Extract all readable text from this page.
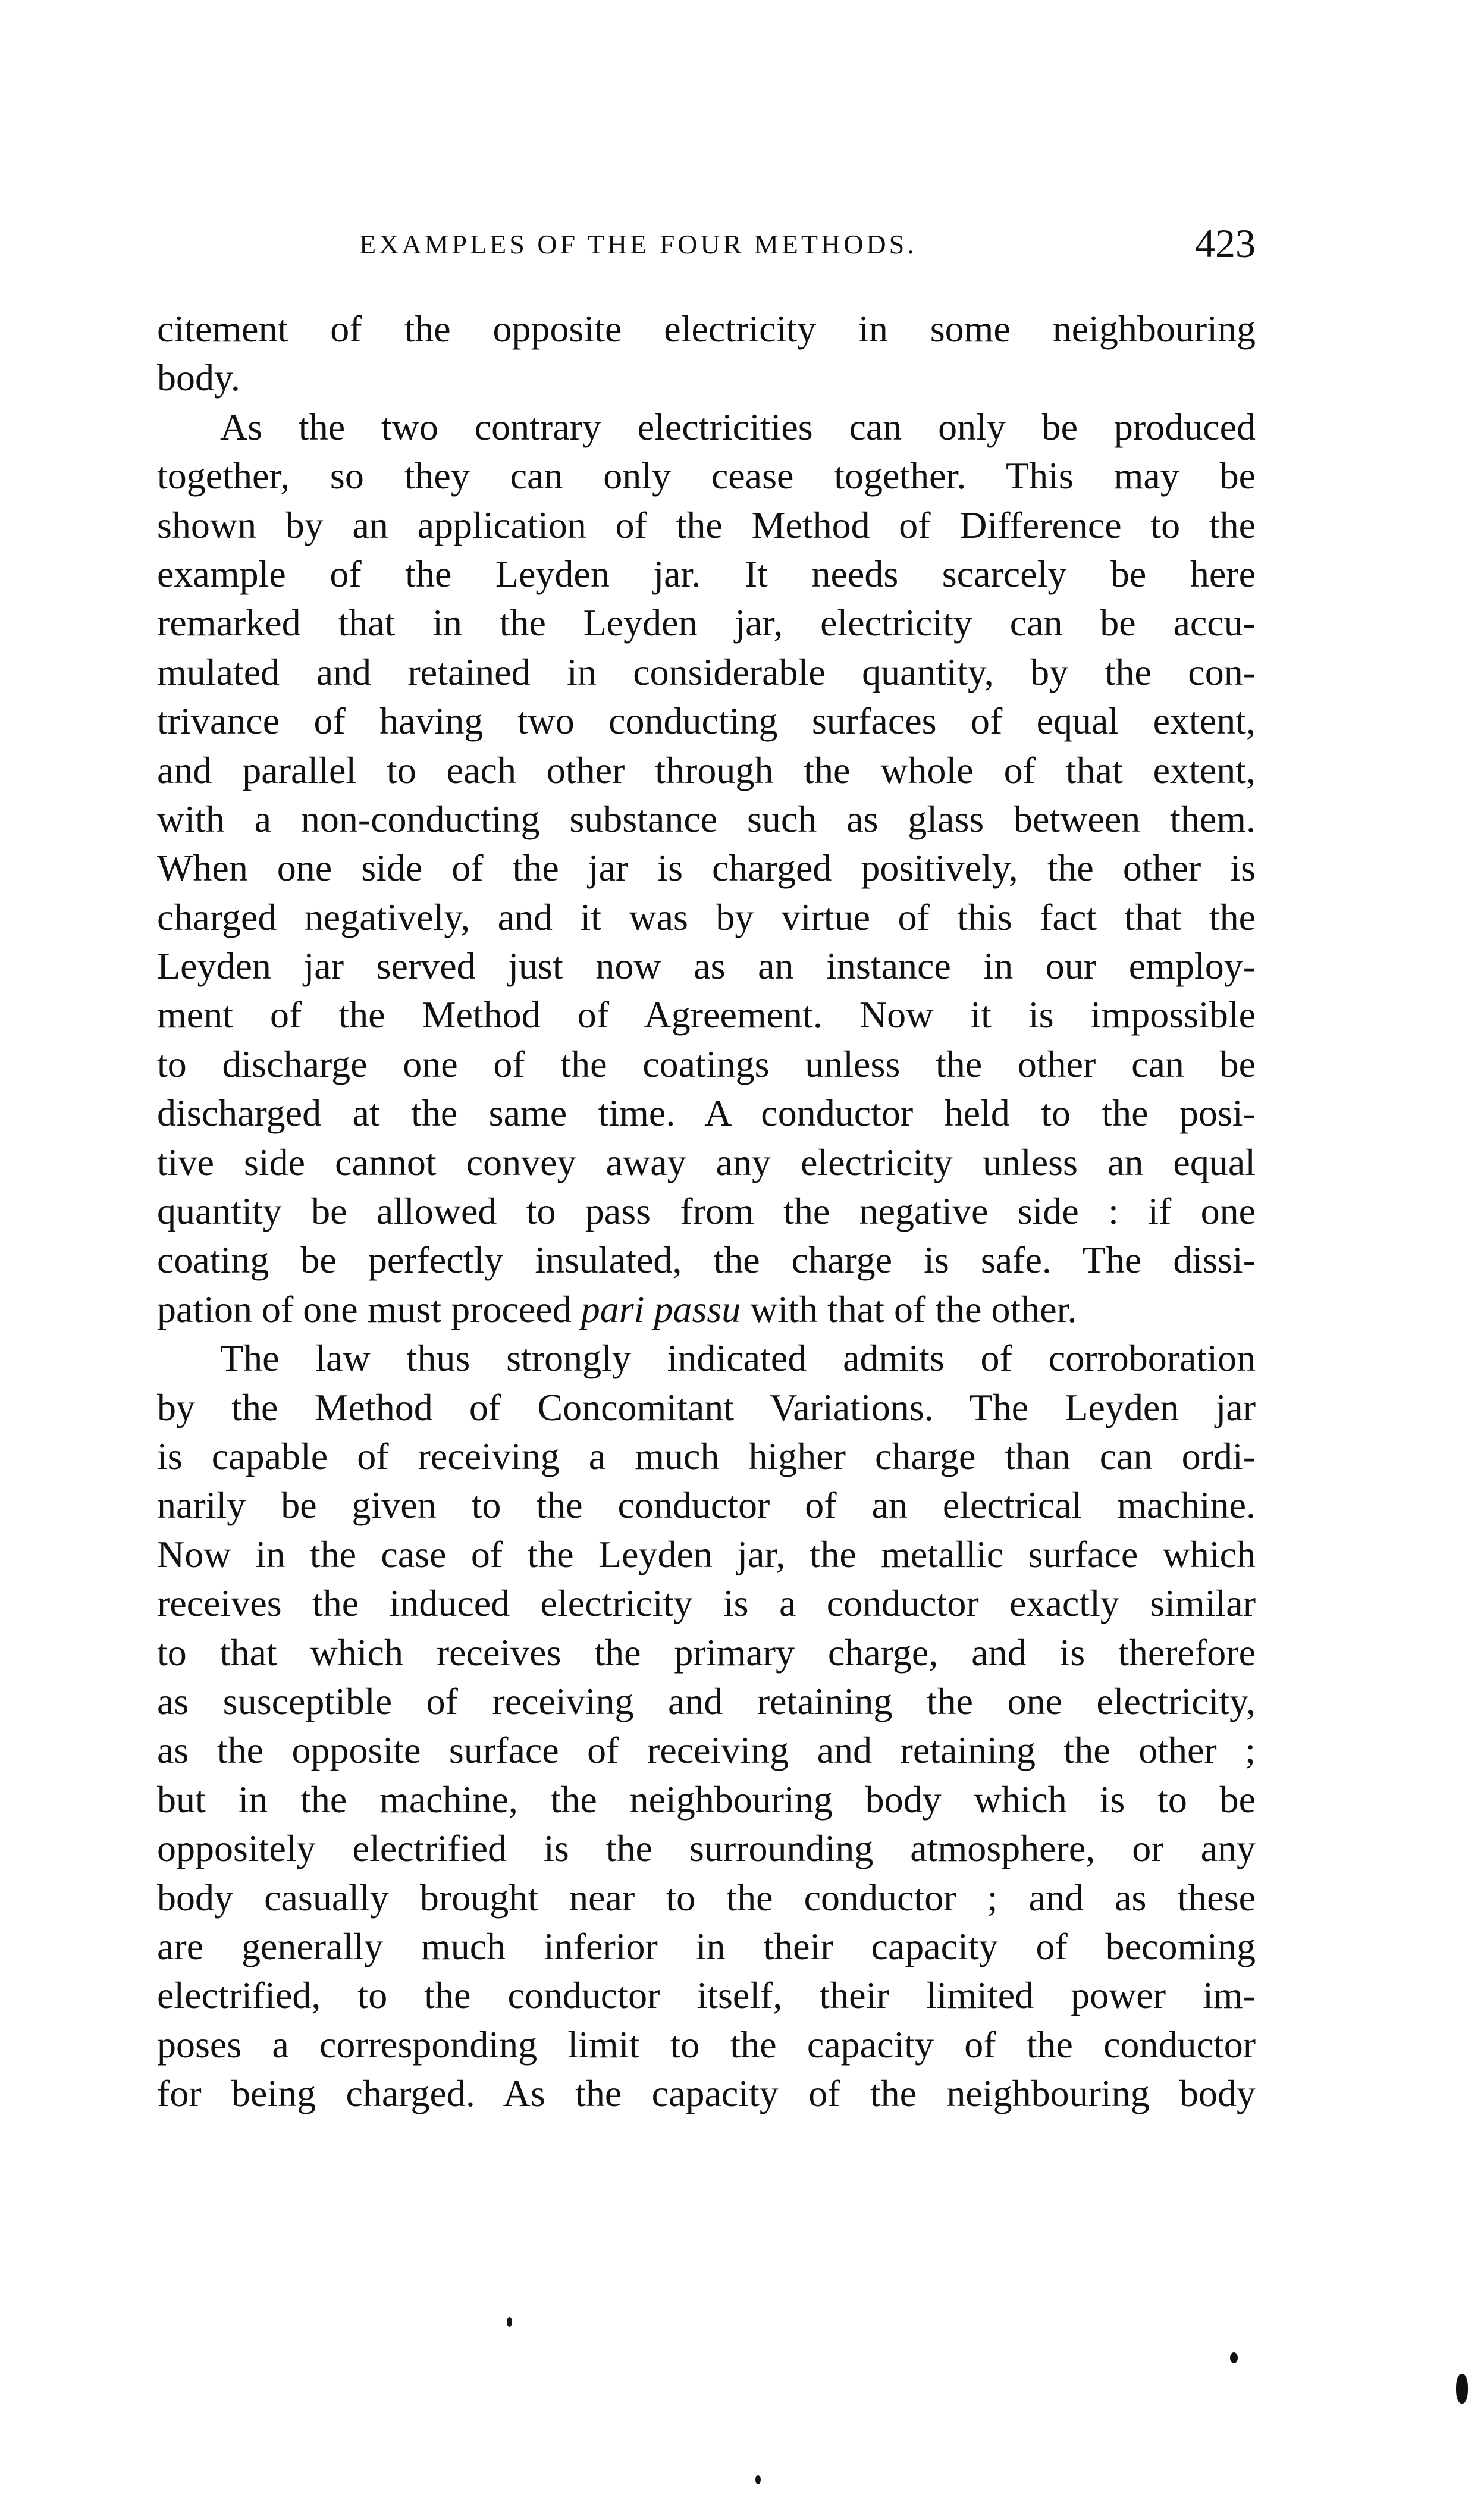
EXAMPLES OF THE FOUR METHODS.	423
citement of the opposite electricity in some neighbouring
body.
As the two contrary electricities can only be produced
together, so they can only cease together. This may be
shown by an application of the Method of Difference to the
example of the Leyden jar. It needs scarcely be here
remarked that in the Leyden jar, electricity can be accu-
mulated and retained in considerable quantity, by the con-
trivance of having two conducting surfaces of equal extent,
and parallel to each other through the whole of that extent,
with a non-conducting substance such as glass between them.
When one side of the jar is charged positively, the other is
charged negatively, and it was by virtue of this fact that the
Leyden jar served just now as an instance in our employ-
ment of the Method of Agreement. Now it is impossible
to discharge one of the coatings unless the other can be
discharged at the same time. A conductor held to the posi-
tive side cannot convey away any electricity unless an equal
quantity be allowed to pass from the negative side : if one
coating be perfectly insulated, the charge is safe. The dissi-
pation of one must proceed pari passu with that of the other.
The law thus strongly indicated admits of corroboration
by the Method of Concomitant Variations. The Leyden jar
is capable of receiving a much higher charge than can ordi-
narily be given to the conductor of an electrical machine.
Now in the case of the Leyden jar, the metallic surface which
receives the induced electricity is a conductor exactly similar
to that which receives the primary charge, and is therefore
as susceptible of receiving and retaining the one electricity,
as the opposite surface of receiving and retaining the other ;
but in the machine, the neighbouring body which is to be
oppositely electrified is the surrounding atmosphere, or any
body casually brought near to the conductor ; and as these
are generally much inferior in their capacity of becoming
electrified, to the conductor itself, their limited power im-
poses a corresponding limit to the capacity of the conductor
for being charged. As the capacity of the neighbouring body
